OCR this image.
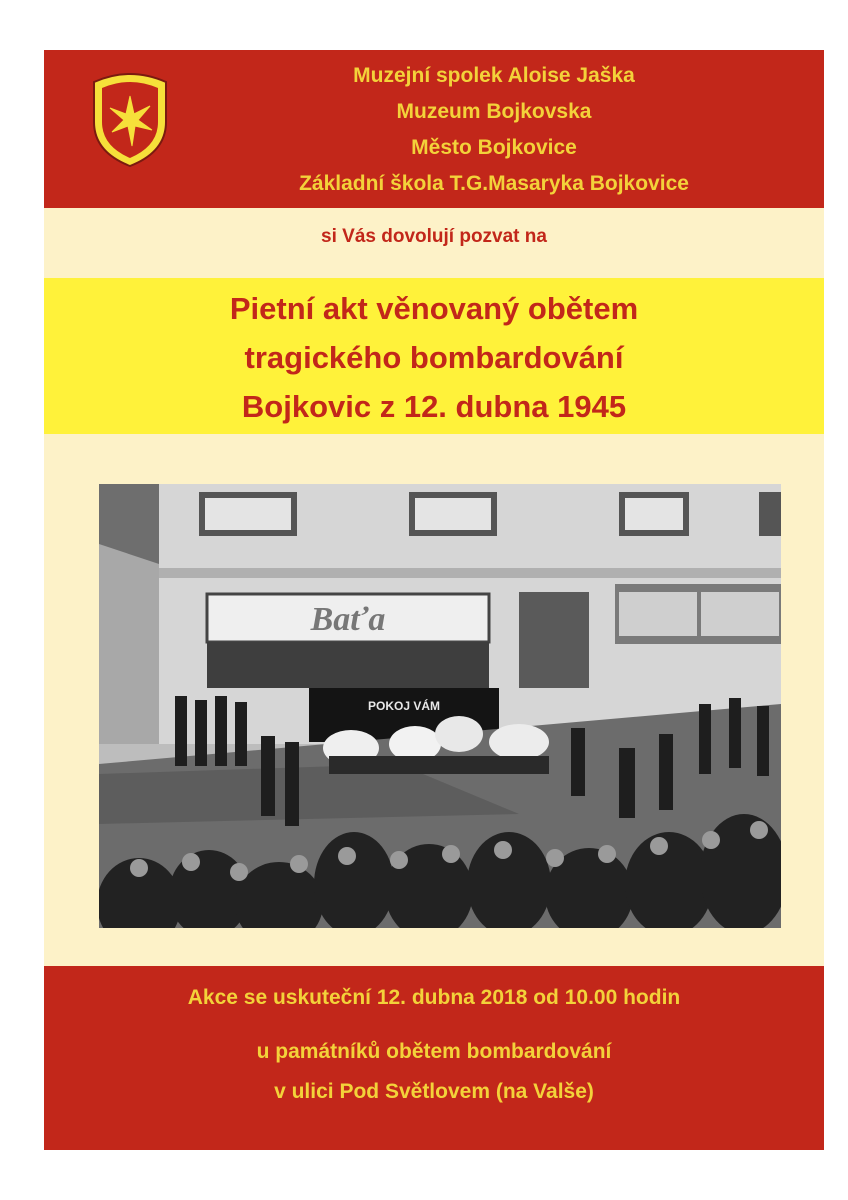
Muzejní spolek Aloise Jaška
Muzeum Bojkovska
Město Bojkovice
Základní škola T.G.Masaryka Bojkovice
si Vás dovolují pozvat na
Pietní akt věnovaný obětem
tragického bombardování
Bojkovic z 12. dubna 1945
Baťa
POKOJ VÁM
Akce se uskuteční 12. dubna 2018 od 10.00 hodin
u památníků obětem bombardování
v ulici Pod Světlovem (na Valše)
